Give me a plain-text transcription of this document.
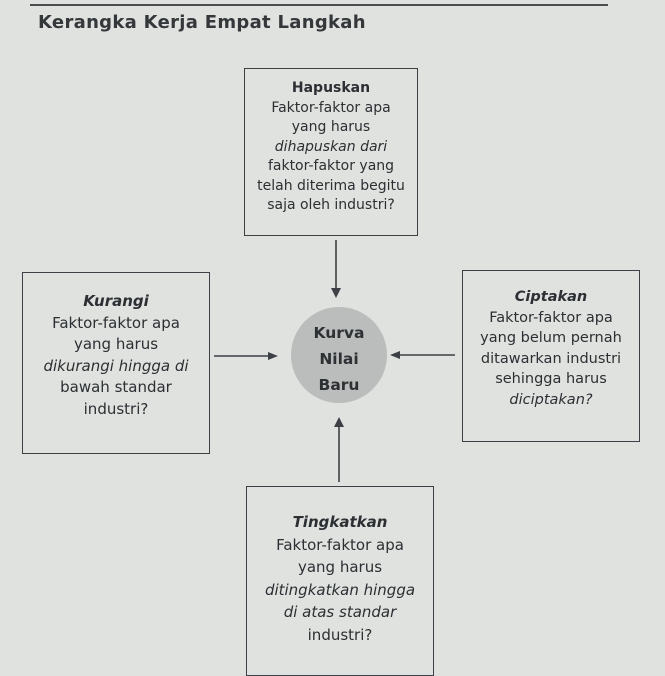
Kerangka Kerja Empat Langkah
Hapuskan
Faktor-faktor apa
yang harus
dihapuskan dari
faktor-faktor yang
telah diterima begitu
saja oleh industri?
Kurangi
Faktor-faktor apa
yang harus
dikurangi hingga di
bawah standar
industri?
Ciptakan
Faktor-faktor apa
yang belum pernah
ditawarkan industri
sehingga harus
diciptakan?
Tingkatkan
Faktor-faktor apa
yang harus
ditingkatkan hingga
di atas standar
industri?
Kurva
Nilai
Baru
